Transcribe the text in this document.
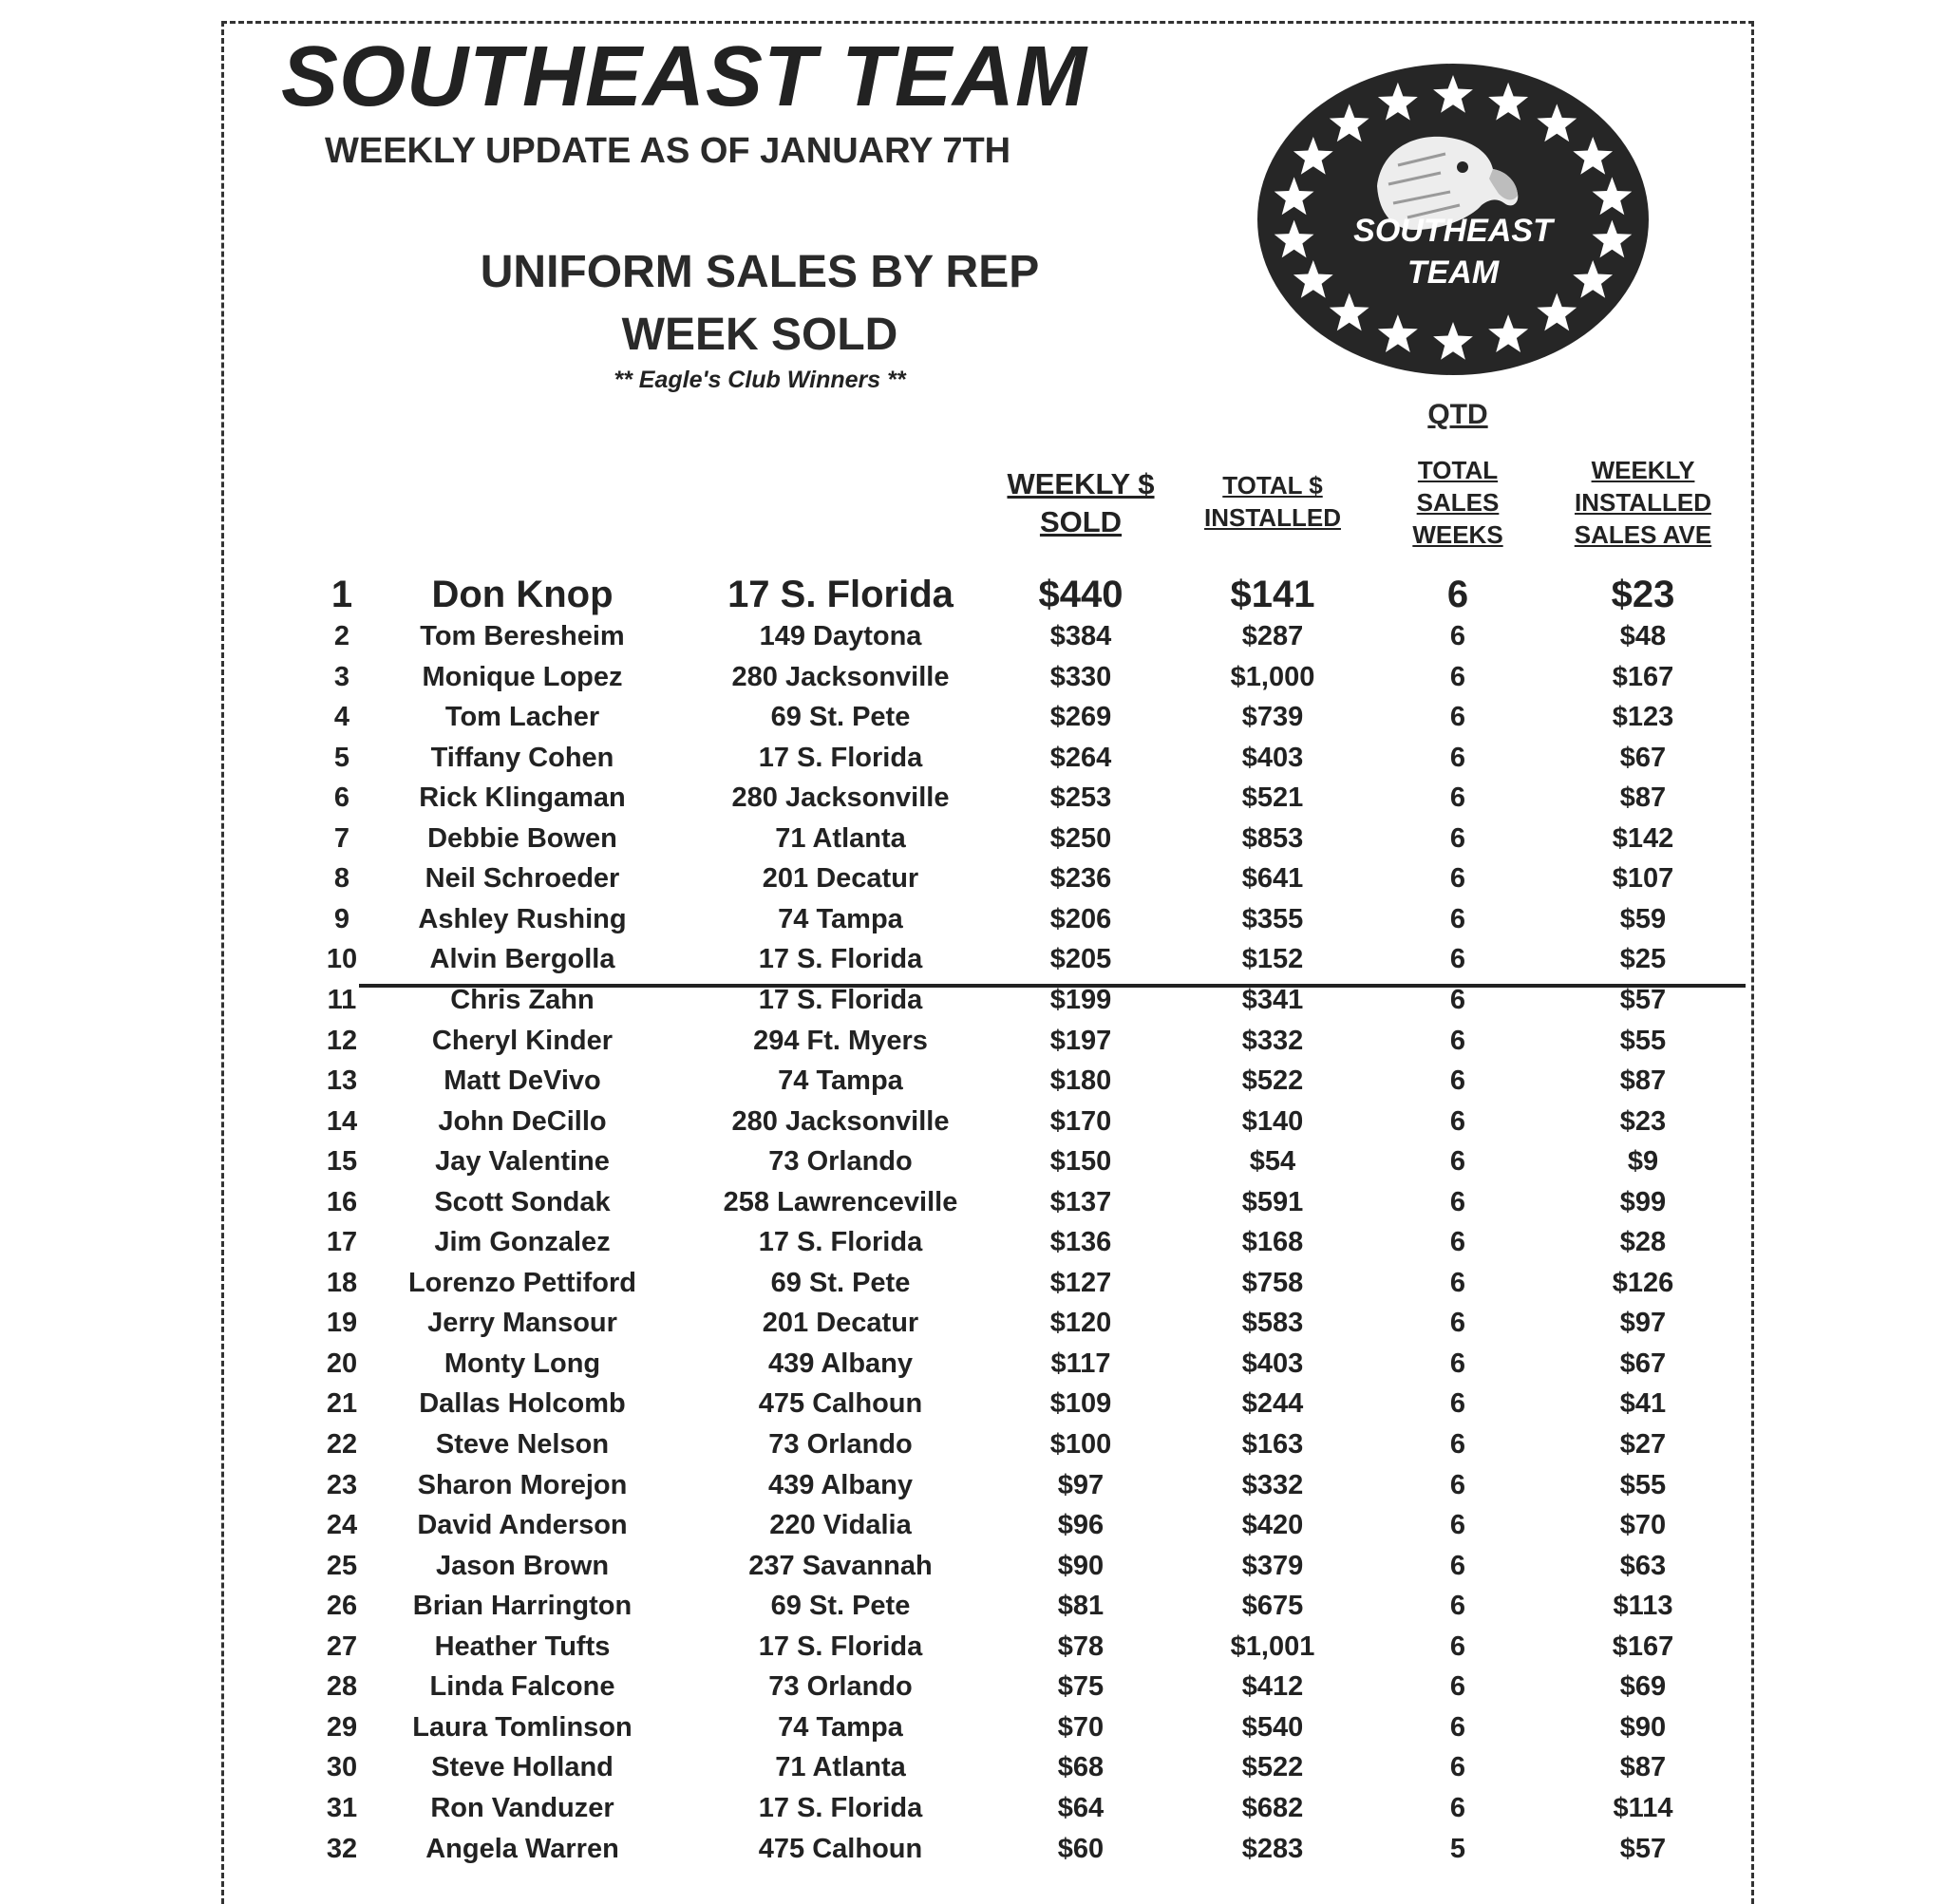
SOUTHEAST TEAM
WEEKLY UPDATE AS OF JANUARY 7TH
UNIFORM SALES BY REP
WEEK SOLD
** Eagle's Club Winners **
SOUTHEAST
TEAM
QTD
WEEKLY $
SOLD
TOTAL $
INSTALLED
TOTAL
SALES
WEEKS
WEEKLY
INSTALLED
SALES AVE
1	Don Knop	17 S. Florida	$440	$141	6	$23
2	Tom Beresheim	149 Daytona	$384	$287	6	$48
3	Monique Lopez	280 Jacksonville	$330	$1,000	6	$167
4	Tom Lacher	69 St. Pete	$269	$739	6	$123
5	Tiffany Cohen	17 S. Florida	$264	$403	6	$67
6	Rick Klingaman	280 Jacksonville	$253	$521	6	$87
7	Debbie Bowen	71 Atlanta	$250	$853	6	$142
8	Neil Schroeder	201 Decatur	$236	$641	6	$107
9	Ashley Rushing	74 Tampa	$206	$355	6	$59
10	Alvin Bergolla	17 S. Florida	$205	$152	6	$25
11	Chris Zahn	17 S. Florida	$199	$341	6	$57
12	Cheryl Kinder	294 Ft. Myers	$197	$332	6	$55
13	Matt DeVivo	74 Tampa	$180	$522	6	$87
14	John DeCillo	280 Jacksonville	$170	$140	6	$23
15	Jay Valentine	73 Orlando	$150	$54	6	$9
16	Scott Sondak	258 Lawrenceville	$137	$591	6	$99
17	Jim Gonzalez	17 S. Florida	$136	$168	6	$28
18	Lorenzo Pettiford	69 St. Pete	$127	$758	6	$126
19	Jerry Mansour	201 Decatur	$120	$583	6	$97
20	Monty Long	439 Albany	$117	$403	6	$67
21	Dallas Holcomb	475 Calhoun	$109	$244	6	$41
22	Steve Nelson	73 Orlando	$100	$163	6	$27
23	Sharon Morejon	439 Albany	$97	$332	6	$55
24	David Anderson	220 Vidalia	$96	$420	6	$70
25	Jason Brown	237 Savannah	$90	$379	6	$63
26	Brian Harrington	69 St. Pete	$81	$675	6	$113
27	Heather Tufts	17 S. Florida	$78	$1,001	6	$167
28	Linda Falcone	73 Orlando	$75	$412	6	$69
29	Laura Tomlinson	74 Tampa	$70	$540	6	$90
30	Steve Holland	71 Atlanta	$68	$522	6	$87
31	Ron Vanduzer	17 S. Florida	$64	$682	6	$114
32	Angela Warren	475 Calhoun	$60	$283	5	$57
